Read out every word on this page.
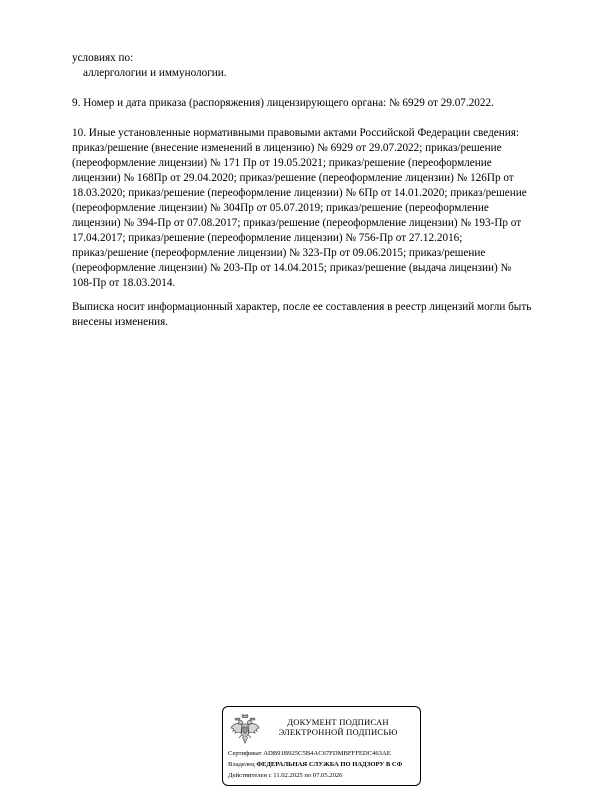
условиях по:
аллергологии и иммунологии.
9. Номер и дата приказа (распоряжения) лицензирующего органа: № 6929 от 29.07.2022.
10. Иные установленные нормативными правовыми актами Российской Федерации сведения:
приказ/решение (внесение изменений в лицензию) № 6929 от 29.07.2022; приказ/решение
(переоформление лицензии) № 171 Пр от 19.05.2021; приказ/решение (переоформление
лицензии) № 168Пр от 29.04.2020; приказ/решение (переоформление лицензии) № 126Пр от
18.03.2020; приказ/решение (переоформление лицензии) № 6Пр от 14.01.2020; приказ/решение
(переоформление лицензии) № 304Пр от 05.07.2019; приказ/решение (переоформление
лицензии) № 394-Пр от 07.08.2017; приказ/решение (переоформление лицензии) № 193-Пр от
17.04.2017; приказ/решение (переоформление лицензии) № 756-Пр от 27.12.2016;
приказ/решение (переоформление лицензии) № 323-Пр от 09.06.2015; приказ/решение
(переоформление лицензии) № 203-Пр от 14.04.2015; приказ/решение (выдача лицензии) №
108-Пр от 18.03.2014.
Выписка носит информационный характер, после ее составления в реестр лицензий могли быть
внесены изменения.
ДОКУМЕНТ ПОДПИСАН
ЭЛЕКТРОННОЙ ПОДПИСЬЮ
Сертификат ADB91B925C5B4AC67FDMBFFFEDC463AE
Владелец ФЕДЕРАЛЬНАЯ СЛУЖБА ПО НАДЗОРУ В СФ
Действителен с 11.02.2025 по 07.05.2026
